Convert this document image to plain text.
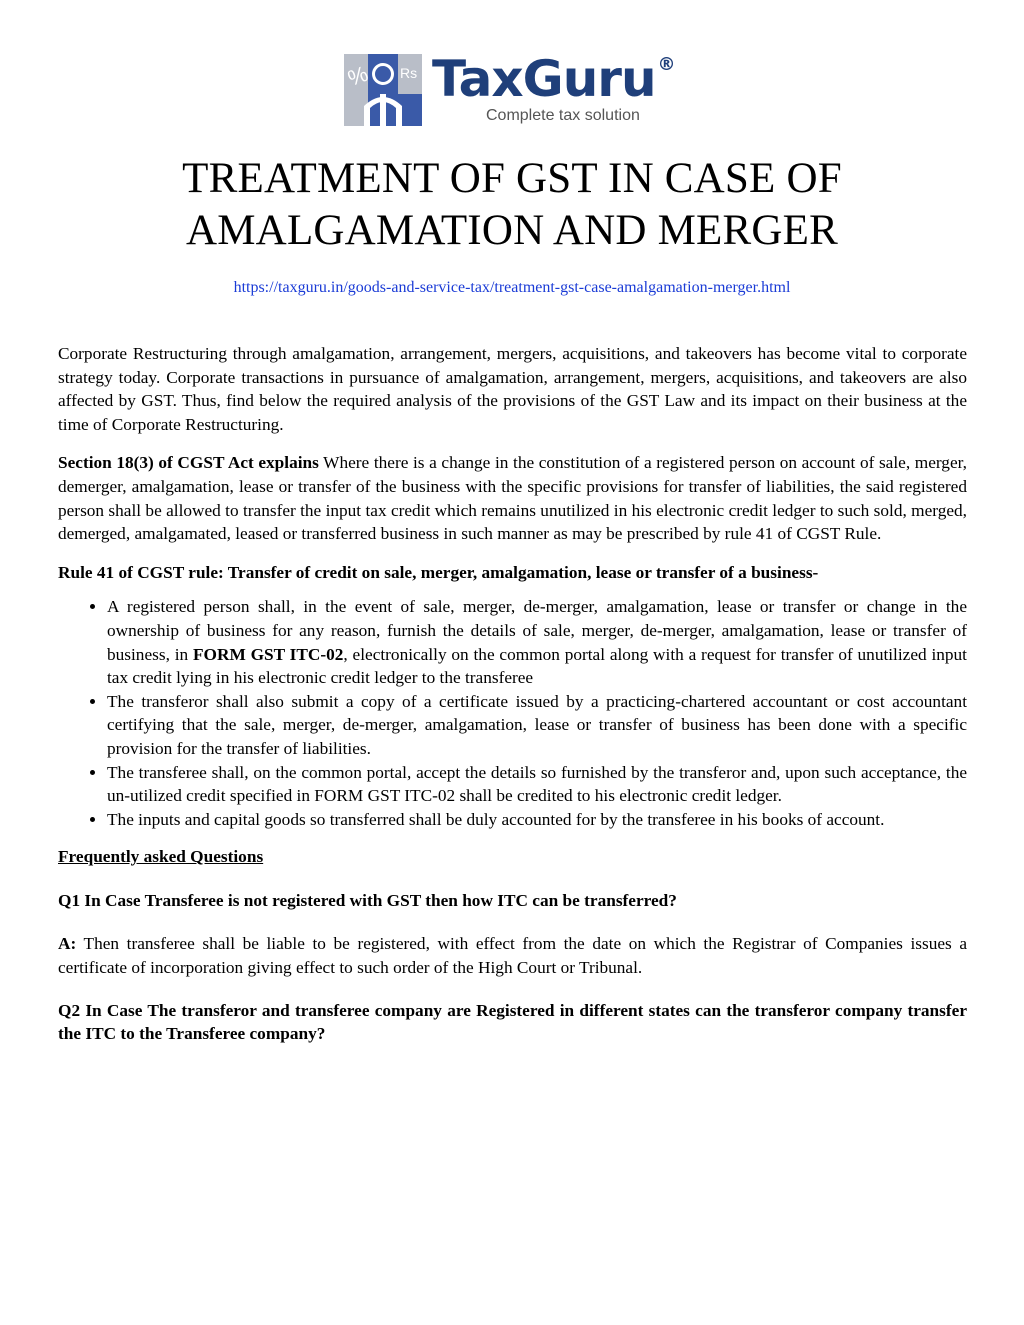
% Rs TaxGuru ®
Complete tax solution
TREATMENT OF GST IN CASE OF
AMALGAMATION AND MERGER
https://taxguru.in/goods-and-service-tax/treatment-gst-case-amalgamation-merger.html

Corporate Restructuring through amalgamation, arrangement, mergers, acquisitions, and takeovers has become vital to corporate strategy today. Corporate transactions in pursuance of amalgamation, arrangement, mergers, acquisitions, and takeovers are also affected by GST. Thus, find below the required analysis of the provisions of the GST Law and its impact on their business at the time of Corporate Restructuring.

Section 18(3) of CGST Act explains Where there is a change in the constitution of a registered person on account of sale, merger, demerger, amalgamation, lease or transfer of the business with the specific provisions for transfer of liabilities, the said registered person shall be allowed to transfer the input tax credit which remains unutilized in his electronic credit ledger to such sold, merged, demerged, amalgamated, leased or transferred business in such manner as may be prescribed by rule 41 of CGST Rule.

Rule 41 of CGST rule: Transfer of credit on sale, merger, amalgamation, lease or transfer of a business-

• A registered person shall, in the event of sale, merger, de-merger, amalgamation, lease or transfer or change in the ownership of business for any reason, furnish the details of sale, merger, de-merger, amalgamation, lease or transfer of business, in FORM GST ITC-02, electronically on the common portal along with a request for transfer of unutilized input tax credit lying in his electronic credit ledger to the transferee
• The transferor shall also submit a copy of a certificate issued by a practicing-chartered accountant or cost accountant certifying that the sale, merger, de-merger, amalgamation, lease or transfer of business has been done with a specific provision for the transfer of liabilities.
• The transferee shall, on the common portal, accept the details so furnished by the transferor and, upon such acceptance, the un-utilized credit specified in FORM GST ITC-02 shall be credited to his electronic credit ledger.
• The inputs and capital goods so transferred shall be duly accounted for by the transferee in his books of account.

Frequently asked Questions

Q1 In Case Transferee is not registered with GST then how ITC can be transferred?

A: Then transferee shall be liable to be registered, with effect from the date on which the Registrar of Companies issues a certificate of incorporation giving effect to such order of the High Court or Tribunal.

Q2 In Case The transferor and transferee company are Registered in different states can the transferor company transfer the ITC to the Transferee company?
